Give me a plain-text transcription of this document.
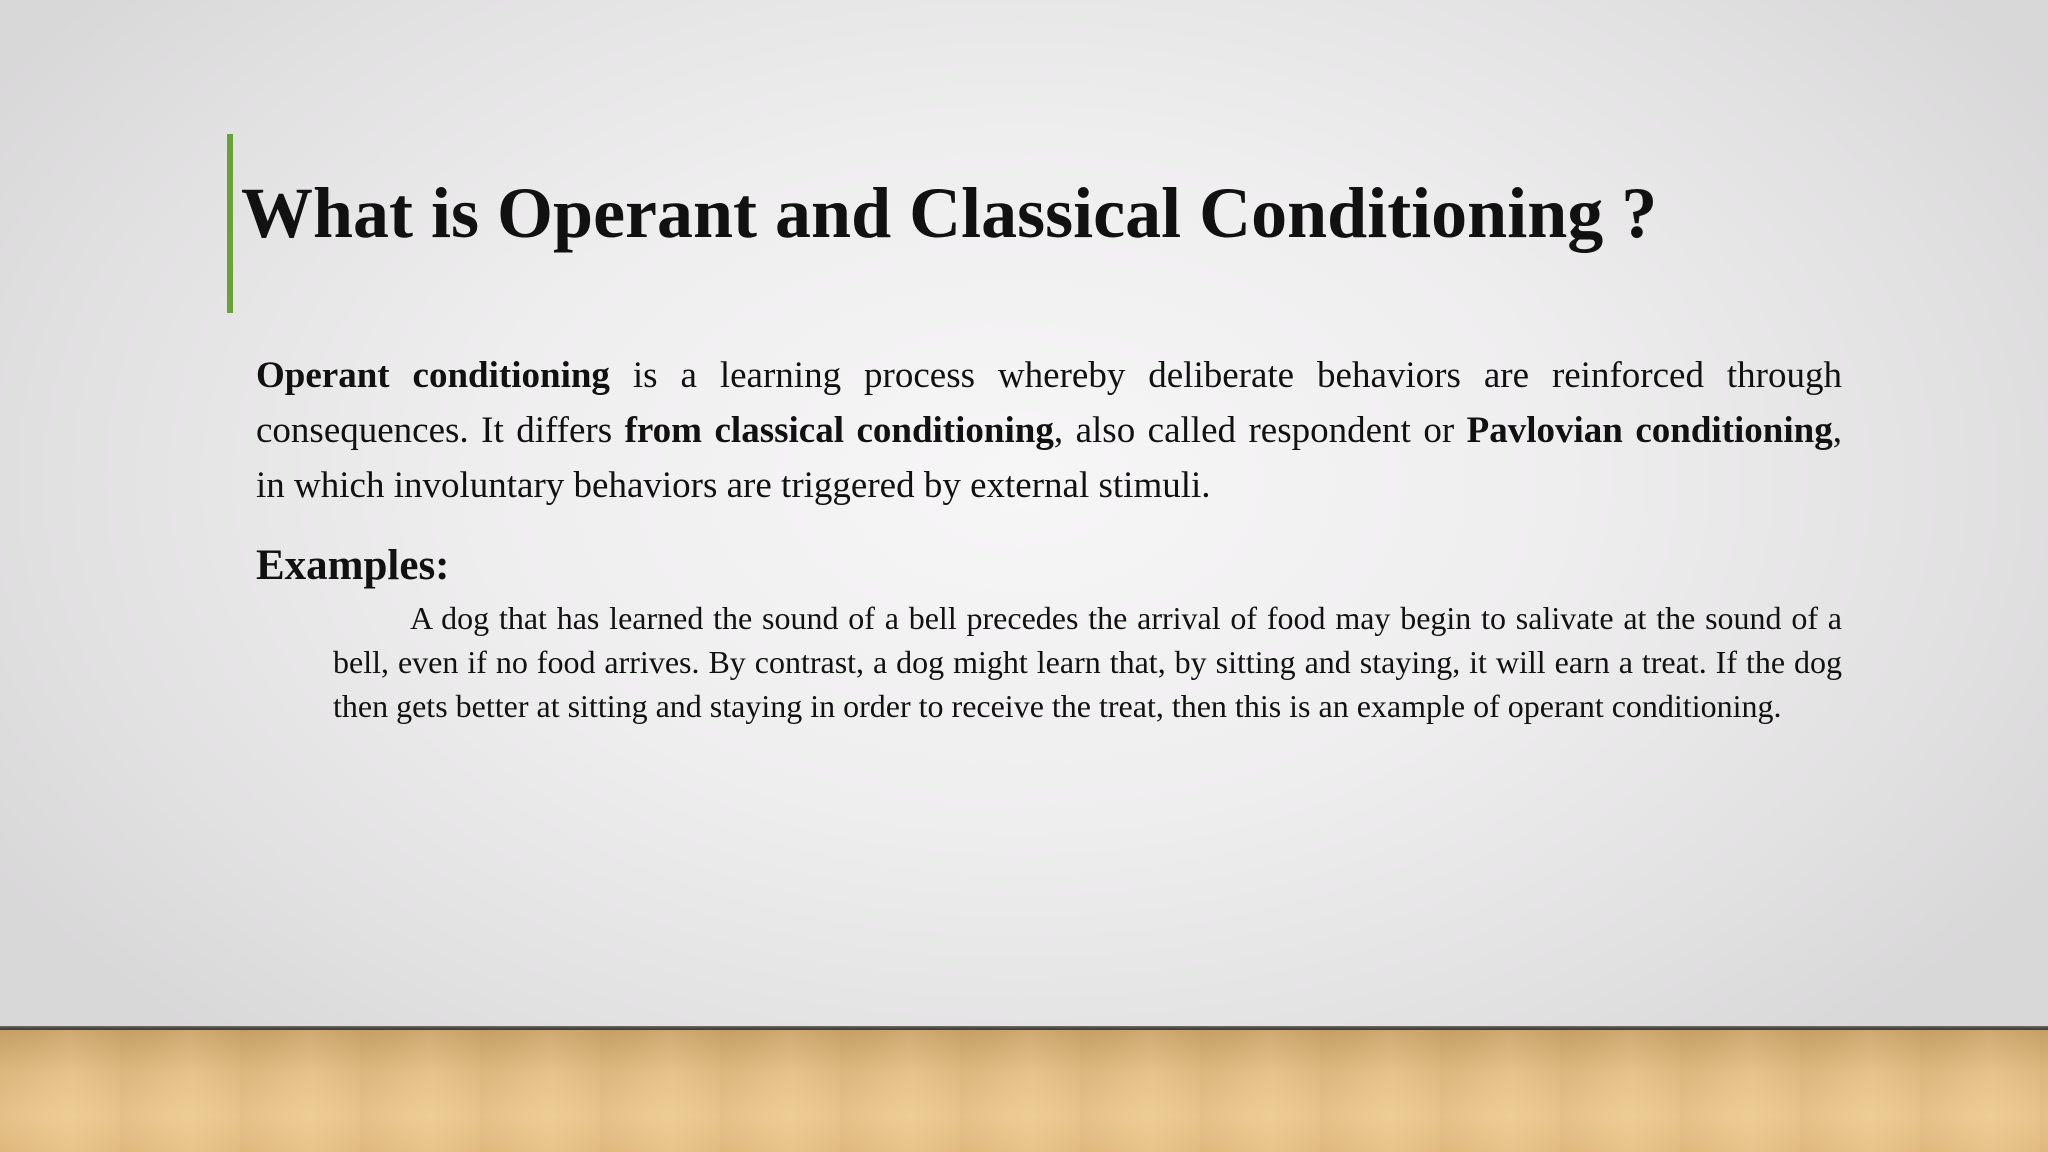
What is Operant and Classical Conditioning ?

Operant conditioning is a learning process whereby deliberate behaviors are reinforced through consequences. It differs from classical conditioning, also called respondent or Pavlovian conditioning, in which involuntary behaviors are triggered by external stimuli.

Examples:

A dog that has learned the sound of a bell precedes the arrival of food may begin to salivate at the sound of a bell, even if no food arrives. By contrast, a dog might learn that, by sitting and staying, it will earn a treat. If the dog then gets better at sitting and staying in order to receive the treat, then this is an example of operant conditioning.
